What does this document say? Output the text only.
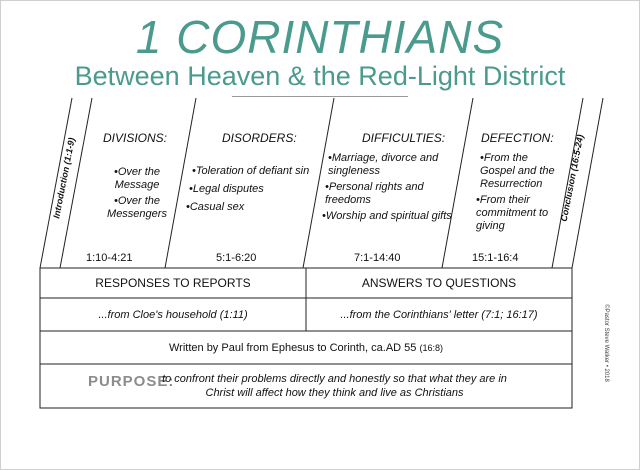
1 CORINTHIANS
Between Heaven & the Red-Light District
Introduction (1:1-9)	Conclusion (16:5-24)
DIVISIONS:
•Over the Message
•Over the Messengers
1:10-4:21
DISORDERS:
•Toleration of defiant sin
•Legal disputes
•Casual sex
5:1-6:20
DIFFICULTIES:
•Marriage, divorce and singleness
•Personal rights and freedoms
•Worship and spiritual gifts
7:1-14:40
DEFECTION:
•From the Gospel and the Resurrection
•From their commitment to giving
15:1-16:4
RESPONSES TO REPORTS	ANSWERS TO QUESTIONS
...from Cloe's household (1:11)	...from the Corinthians' letter (7:1; 16:17)
Written by Paul from Ephesus to Corinth, ca.AD 55
(16:8)
PURPOSE:
to confront their problems directly and honestly so that what they are in Christ will affect how they think and live as Christians
©Pastor Steve Walker • 2018
